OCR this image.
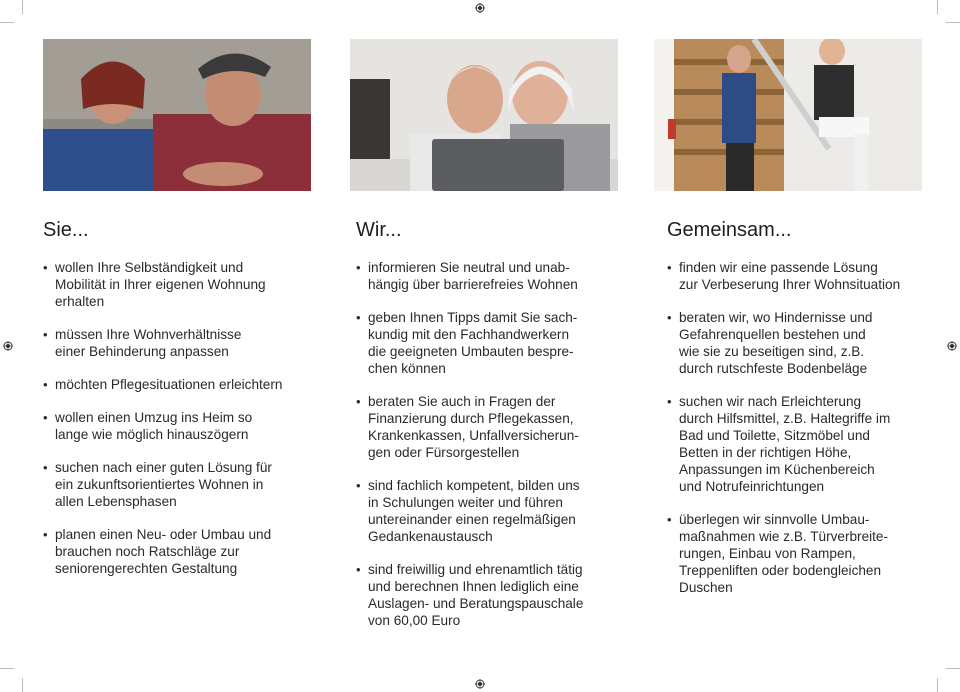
Sie...
• wollen Ihre Selbständigkeit und
Mobilität in Ihrer eigenen Wohnung
erhalten
• müssen Ihre Wohnverhältnisse
einer Behinderung anpassen
• möchten Pflegesituationen erleichtern
• wollen einen Umzug ins Heim so
lange wie möglich hinauszögern
• suchen nach einer guten Lösung für
ein zukunftsorientiertes Wohnen in
allen Lebensphasen
• planen einen Neu- oder Umbau und
brauchen noch Ratschläge zur
seniorengerechten Gestaltung
Wir...
• informieren Sie neutral und unab-
hängig über barrierefreies Wohnen
• geben Ihnen Tipps damit Sie sach-
kundig mit den Fachhandwerkern
die geeigneten Umbauten bespre-
chen können
• beraten Sie auch in Fragen der
Finanzierung durch Pflegekassen,
Krankenkassen, Unfallversicherun-
gen oder Fürsorgestellen
• sind fachlich kompetent, bilden uns
in Schulungen weiter und führen
untereinander einen regelmäßigen
Gedankenaustausch
• sind freiwillig und ehrenamtlich tätig
und berechnen Ihnen lediglich eine
Auslagen- und Beratungspauschale
von 60,00 Euro
Gemeinsam...
• finden wir eine passende Lösung
zur Verbeserung Ihrer Wohnsituation
• beraten wir, wo Hindernisse und
Gefahrenquellen bestehen und
wie sie zu beseitigen sind, z.B.
durch rutschfeste Bodenbeläge
• suchen wir nach Erleichterung
durch Hilfsmittel, z.B. Haltegriffe im
Bad und Toilette, Sitzmöbel und
Betten in der richtigen Höhe,
Anpassungen im Küchenbereich
und Notrufeinrichtungen
• überlegen wir sinnvolle Umbau-
maßnahmen wie z.B. Türverbreite-
rungen, Einbau von Rampen,
Treppenliften oder bodengleichen
Duschen
